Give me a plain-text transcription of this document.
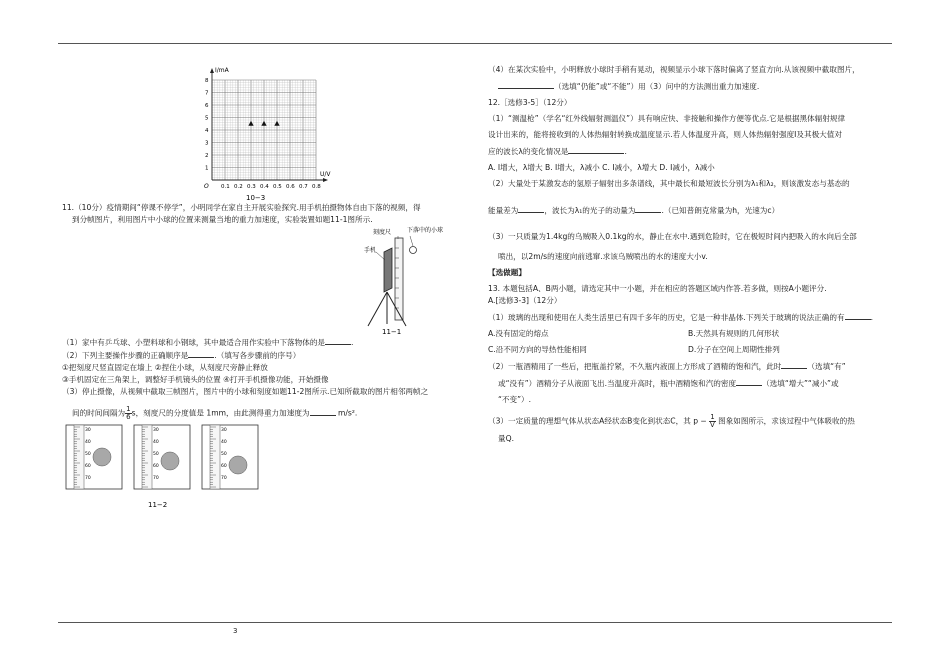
0.1 0.2 0.3 0.4 0.5 0.6 0.7 0.8
1
2
3
4
5
6
7
8
O
I/mA
U/V
10−3
11.（10分）疫情期间“停课不停学”，小明同学在家自主开展实验探究.用手机拍摄物体自由下落的视频，得
到分帧图片，利用图片中小球的位置来测量当地的重力加速度，实验装置如题11-1图所示.
刻度尺	下落中的小球
手机
11−1
（1）家中有乒乓球、小塑料球和小钢球，其中最适合用作实验中下落物体的是	.
（2）下列主要操作步骤的正确顺序是	.（填写各步骤前的序号）
①把刻度尺竖直固定在墙上 ②捏住小球，从刻度尺旁静止释放
③手机固定在三角架上，调整好手机镜头的位置 ④打开手机摄像功能，开始摄像
（3）停止摄像，从视频中截取三帧图片，图片中的小球和刻度如题11-2图所示.已知所截取的图片相邻两帧之
间的时间间隔为 $\frac{1}{6}s$，刻度尺的分度值是 1mm，由此测得重力加速度为	m/s².
30
40
50
60
70
30
40
50
60
70
30
40
50
60
70
11−2
（4）在某次实验中，小明释放小球时手稍有晃动，视频显示小球下落时偏离了竖直方向.从该视频中截取图片，
（选填“仍能”或“不能”）用（3）问中的方法测出重力加速度.
12.［选修3-5］（12分）
（1）“测温枪”（学名“红外线辐射测温仪”）具有响应快、非接触和操作方便等优点.它是根据黑体辐射规律
设计出来的，能将接收到的人体热辐射转换成温度显示.若人体温度升高，则人体热辐射强度I及其极大值对
应的波长λ的变化情况是	.
A. I增大，λ增大 B. I增大，λ减小 C. I减小，λ增大 D. I减小，λ减小
（2）大量处于某激发态的氢原子辐射出多条谱线，其中最长和最短波长分别为λ₁和λ₂，则该激发态与基态的
能量差为	，波长为λ₁的光子的动量为	.（已知普朗克常量为h，光速为c）
（3）一只质量为1.4kg的乌贼吸入0.1kg的水，静止在水中.遇到危险时，它在极短时间内把吸入的水向后全部
喷出，以2m/s的速度向前逃窜.求该乌贼喷出的水的速度大小v.
【选做题】
13. 本题包括A、B两小题，请选定其中一小题，并在相应的答题区域内作答.若多做，则按A小题评分.
A.[选修3-3]（12分）
（1）玻璃的出现和使用在人类生活里已有四千多年的历史，它是一种非晶体.下列关于玻璃的说法正确的有	.
A.没有固定的熔点	B.天然具有规则的几何形状
C.沿不同方向的导热性能相同	D.分子在空间上周期性排列
（2）一瓶酒精用了一些后，把瓶盖拧紧，不久瓶内液面上方形成了酒精的饱和汽，此时	（选填“有”
或“没有”）酒精分子从液面飞出.当温度升高时，瓶中酒精饱和汽的密度	（选填“增大”“减小”或
“不变”）.
（3）一定质量的理想气体从状态A经状态B变化到状态C，其 $p - \frac{1}{V}$ 图象如图所示，求该过程中气体吸收的热
量Q.
3
